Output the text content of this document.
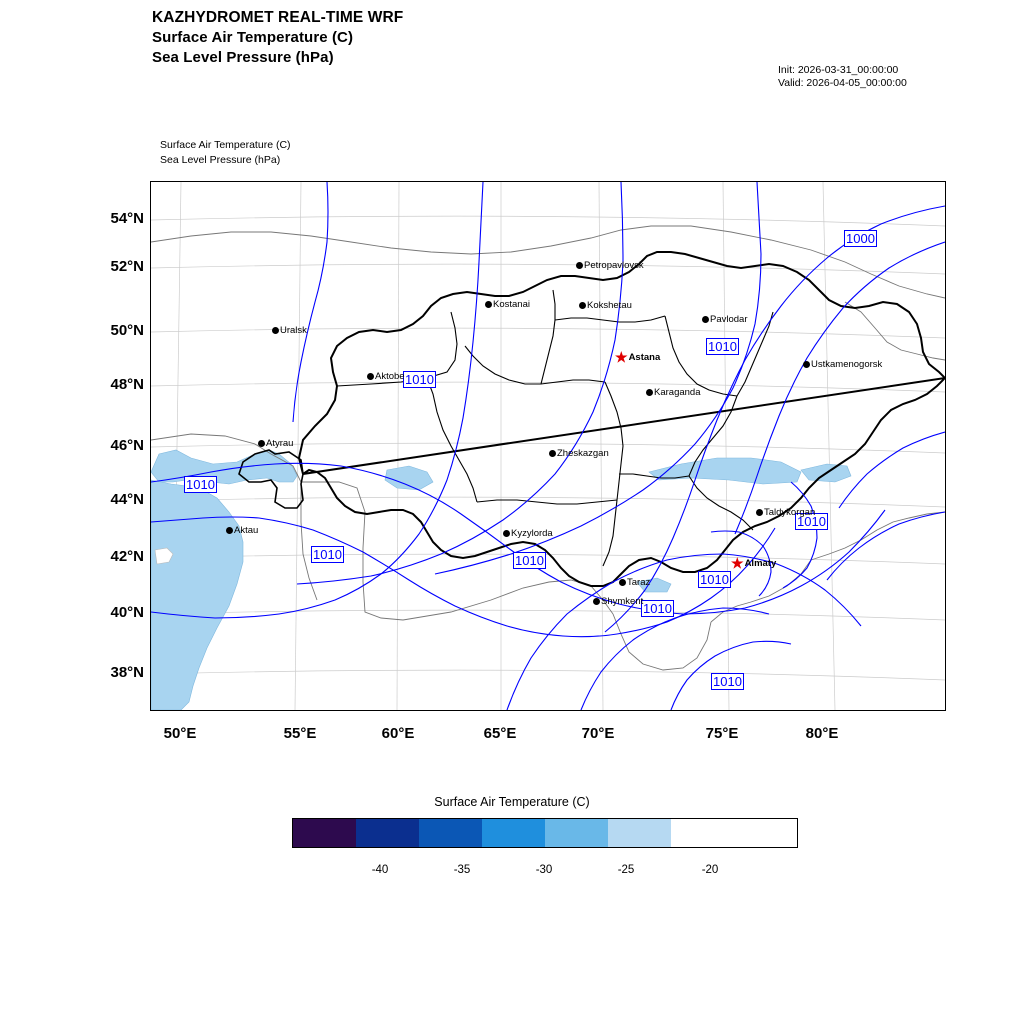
KAZHYDROMET REAL-TIME WRF
Surface Air Temperature (C)
Sea Level Pressure (hPa)
Init: 2026-03-31_00:00:00
Valid: 2026-04-05_00:00:00
Surface Air Temperature (C)
Sea Level Pressure (hPa)
54°N
52°N
50°N
48°N
46°N
44°N
42°N
40°N
38°N
1000
1010
1010
1010
1010	1010
1010
1010
1010
1010
Petropavlovsk
Kostanai	Kokshetau
Pavlodar
Uralsk
Ustkamenogorsk
★Astana
Aktobe
Karaganda
Atyrau
Zheskazgan
Taldykorgan
Aktau	Kyzylorda
★Almaty
Taraz
Shymkent
50°E	55°E	60°E	65°E	70°E	75°E	80°E
Surface Air Temperature (C)
-40	-35	-30	-25	-20
